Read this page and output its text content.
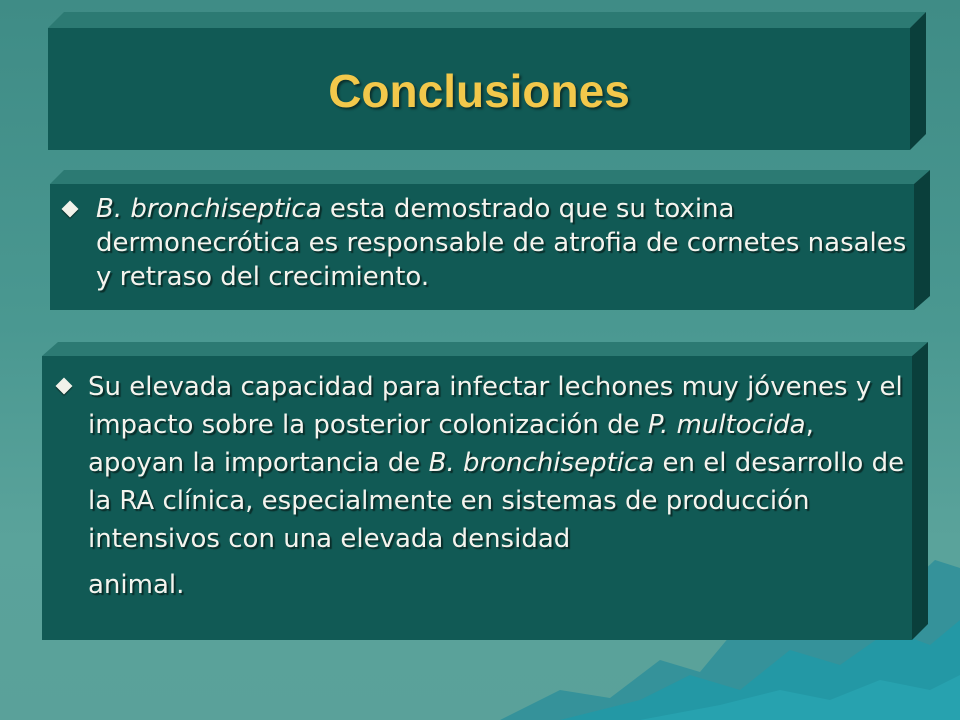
Conclusiones
B. bronchiseptica esta demostrado que su toxina dermonecrótica es responsable de atrofia de cornetes nasales y retraso del crecimiento.
Su elevada capacidad para infectar lechones muy jóvenes y el impacto sobre la posterior colonización de P. multocida, apoyan la importancia de B. bronchiseptica en el desarrollo de la RA clínica, especialmente en sistemas de producción intensivos con una elevada densidad
animal.
